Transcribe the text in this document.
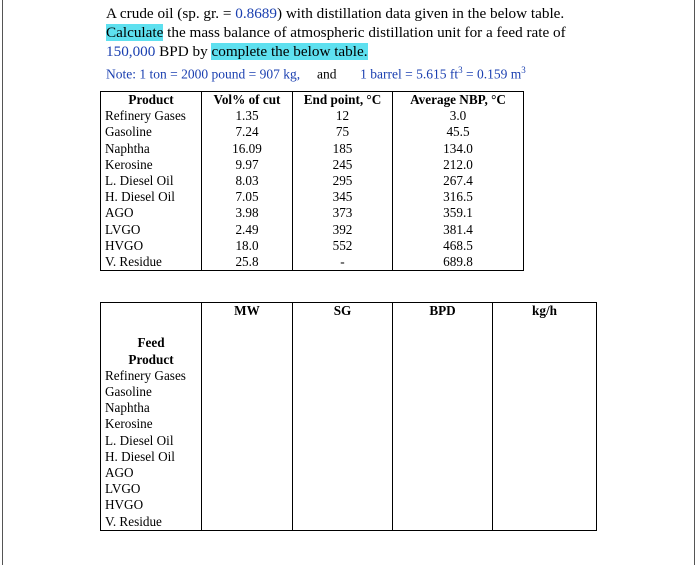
A crude oil (sp. gr. = 0.8689) with distillation data given in the below table.
Calculate the mass balance of atmospheric distillation unit for a feed rate of
150,000 BPD by complete the below table.
Note: 1 ton = 2000 pound = 907 kg, and 1 barrel = 5.615 $ft^3 = 0.159$ $m^3$
Product	Vol% of cut	End point, °C	Average NBP, °C
Refinery Gases	1.35	12	3.0
Gasoline	7.24	75	45.5
Naphtha	16.09	185	134.0
Kerosine	9.97	245	212.0
L. Diesel Oil	8.03	295	267.4
H. Diesel Oil	7.05	345	316.5
AGO	3.98	373	359.1
LVGO	2.49	392	381.4
HVGO	18.0	552	468.5
V. Residue	25.8	-	689.8
	MW	SG	BPD	kg/h

Feed				
Product				
Refinery Gases				
Gasoline				
Naphtha				
Kerosine				
L. Diesel Oil				
H. Diesel Oil				
AGO				
LVGO				
HVGO				
V. Residue				
